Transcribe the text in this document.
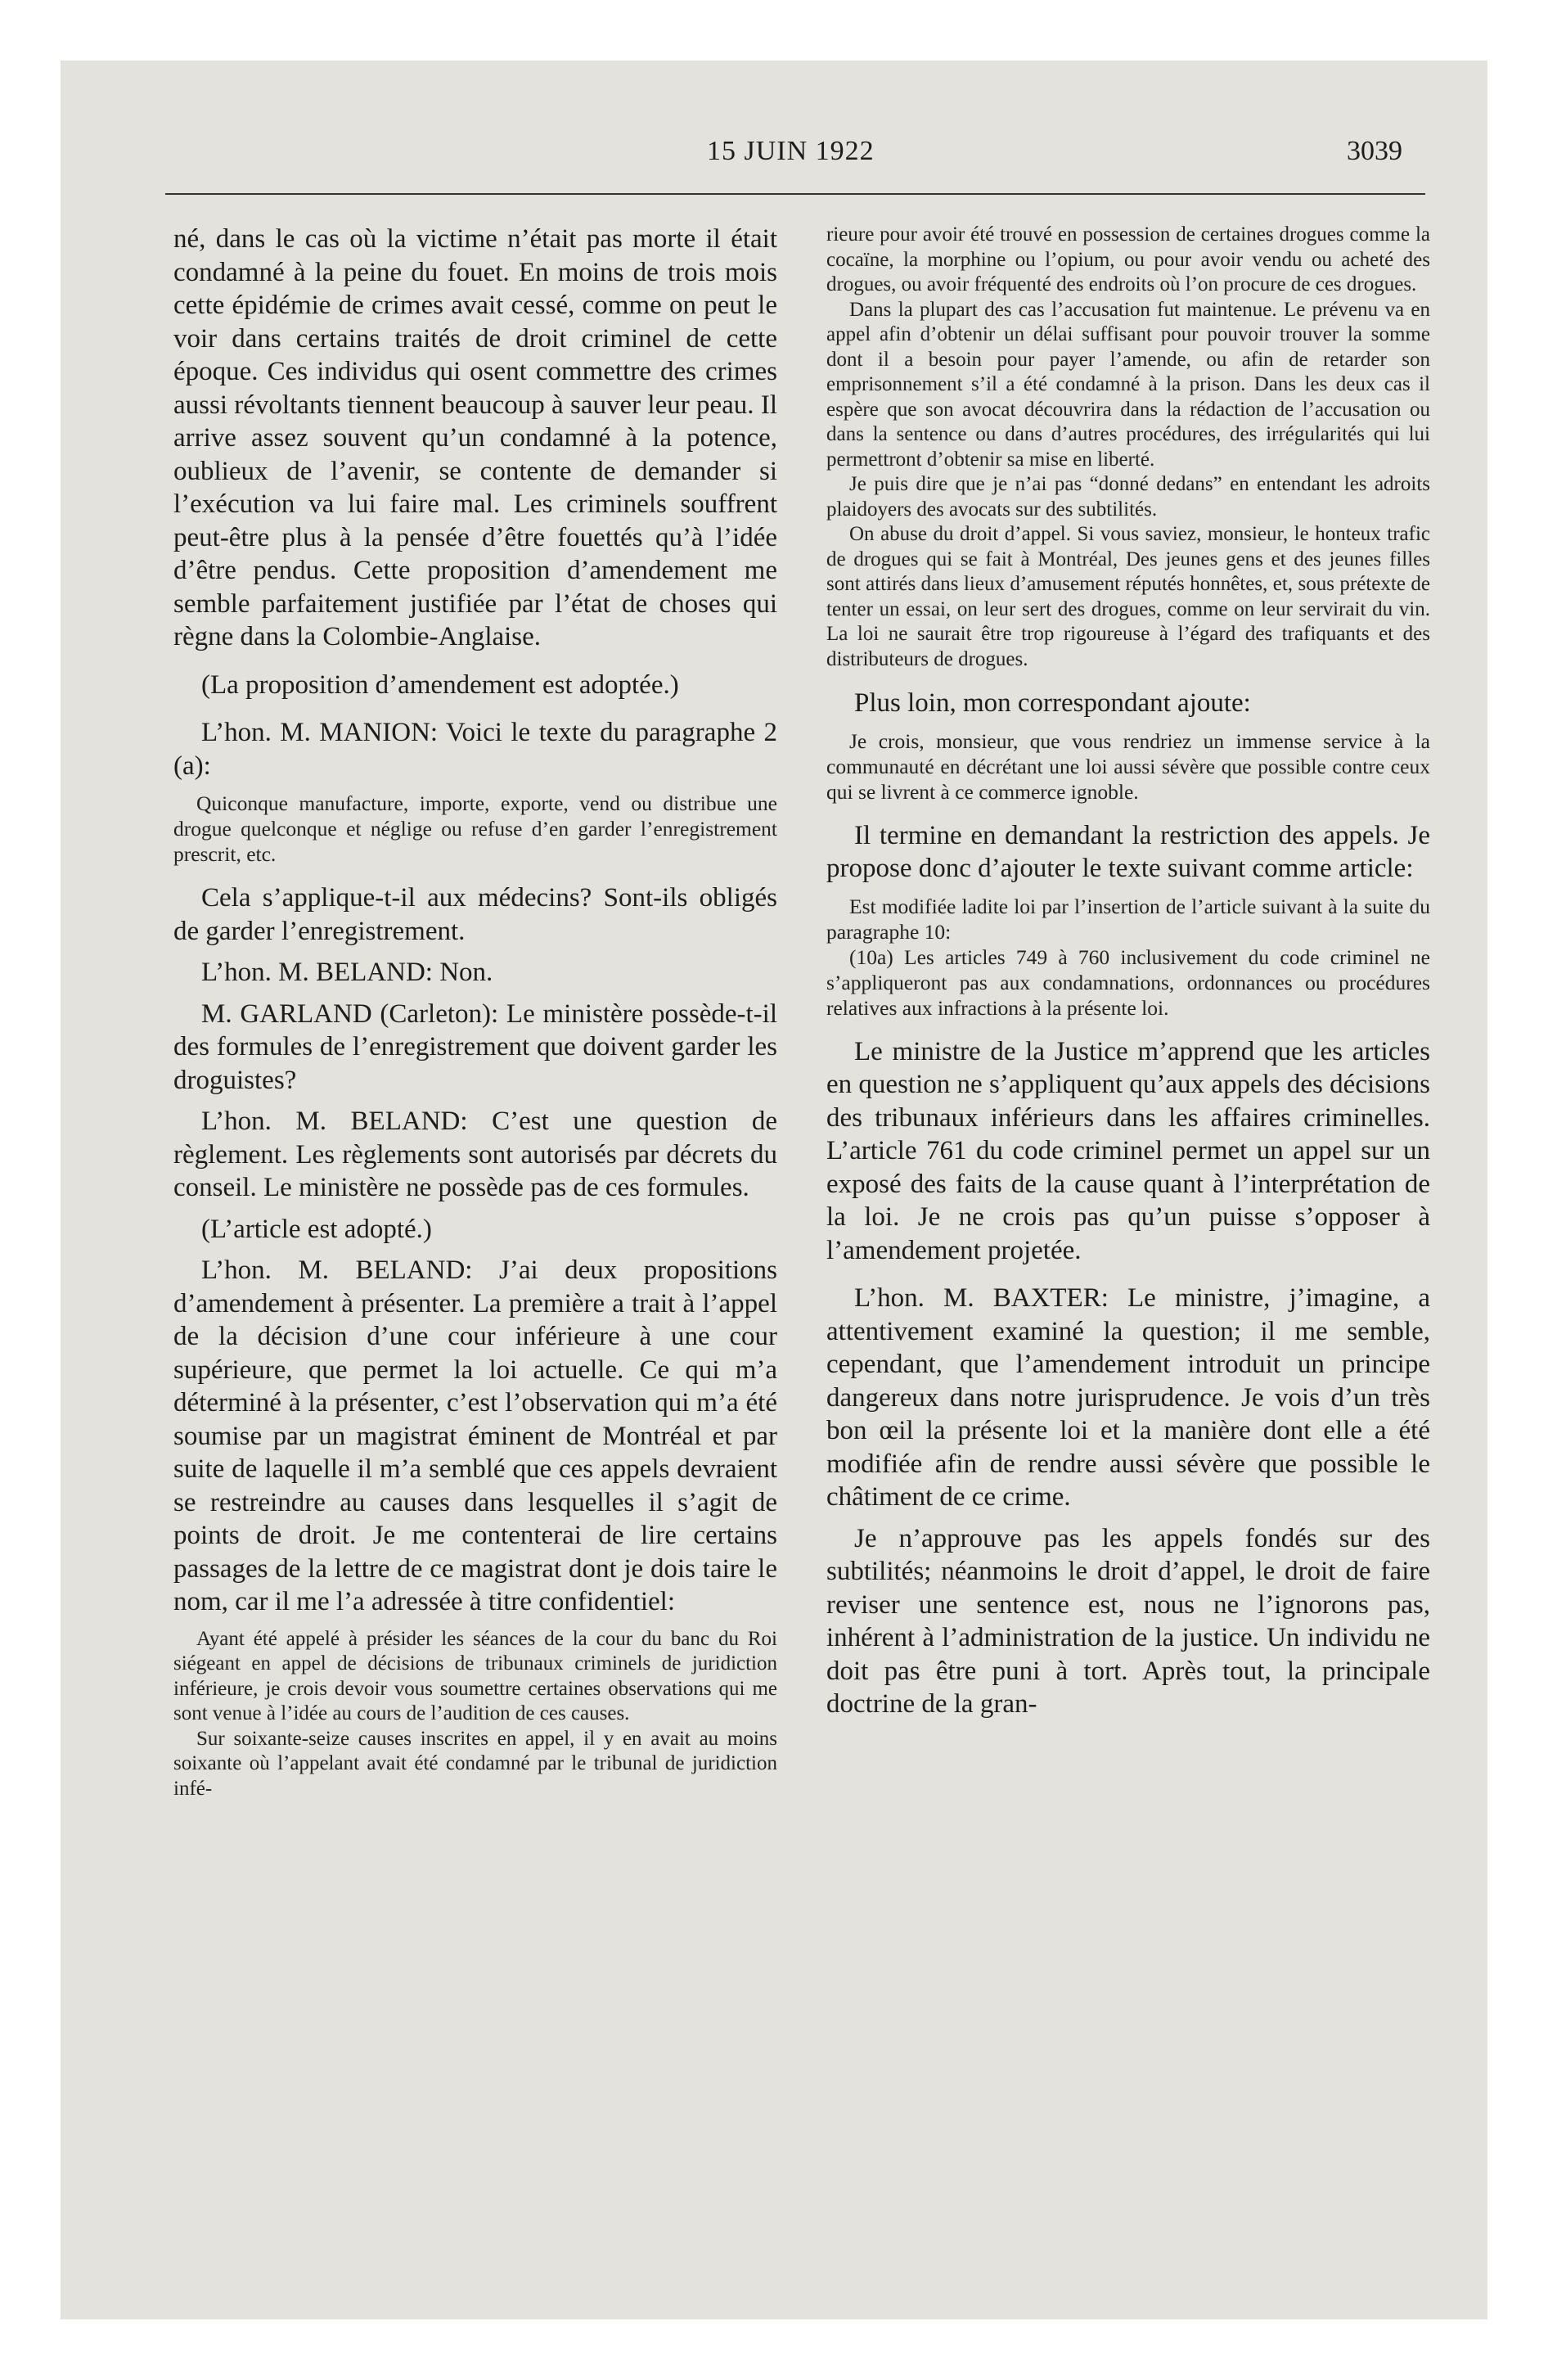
15 JUIN 1922	3039

né, dans le cas où la victime n’était pas morte il était condamné à la peine du fouet. En moins de trois mois cette épidémie de crimes avait cessé, comme on peut le voir dans certains traités de droit criminel de cette époque. Ces individus qui osent commettre des crimes aussi révoltants tiennent beaucoup à sauver leur peau. Il arrive assez souvent qu’un condamné à la potence, oublieux de l’avenir, se contente de demander si l’exécution va lui faire mal. Les criminels souffrent peut-être plus à la pensée d’être fouettés qu’à l’idée d’être pendus. Cette proposition d’amendement me semble parfaitement justifiée par l’état de choses qui règne dans la Colombie-Anglaise.

(La proposition d’amendement est adoptée.)

L’hon. M. MANION: Voici le texte du paragraphe 2 (a):

Quiconque manufacture, importe, exporte, vend ou distribue une drogue quelconque et néglige ou refuse d’en garder l’enregistrement prescrit, etc.

Cela s’applique-t-il aux médecins? Sont-ils obligés de garder l’enregistrement.

L’hon. M. BELAND: Non.

M. GARLAND (Carleton): Le ministère possède-t-il des formules de l’enregistrement que doivent garder les droguistes?

L’hon. M. BELAND: C’est une question de règlement. Les règlements sont autorisés par décrets du conseil. Le ministère ne possède pas de ces formules.

(L’article est adopté.)

L’hon. M. BELAND: J’ai deux propositions d’amendement à présenter. La première a trait à l’appel de la décision d’une cour inférieure à une cour supérieure, que permet la loi actuelle. Ce qui m’a déterminé à la présenter, c’est l’observation qui m’a été soumise par un magistrat éminent de Montréal et par suite de laquelle il m’a semblé que ces appels devraient se restreindre au causes dans lesquelles il s’agit de points de droit. Je me contenterai de lire certains passages de la lettre de ce magistrat dont je dois taire le nom, car il me l’a adressée à titre confidentiel:

Ayant été appelé à présider les séances de la cour du banc du Roi siégeant en appel de décisions de tribunaux criminels de juridiction inférieure, je crois devoir vous soumettre certaines observations qui me sont venue à l’idée au cours de l’audition de ces causes.

Sur soixante-seize causes inscrites en appel, il y en avait au moins soixante où l’appelant avait été condamné par le tribunal de juridiction infé-

rieure pour avoir été trouvé en possession de certaines drogues comme la cocaïne, la morphine ou l’opium, ou pour avoir vendu ou acheté des drogues, ou avoir fréquenté des endroits où l’on procure de ces drogues.

Dans la plupart des cas l’accusation fut maintenue. Le prévenu va en appel afin d’obtenir un délai suffisant pour pouvoir trouver la somme dont il a besoin pour payer l’amende, ou afin de retarder son emprisonnement s’il a été condamné à la prison. Dans les deux cas il espère que son avocat découvrira dans la rédaction de l’accusation ou dans la sentence ou dans d’autres procédures, des irrégularités qui lui permettront d’obtenir sa mise en liberté.

Je puis dire que je n’ai pas “donné dedans” en entendant les adroits plaidoyers des avocats sur des subtilités.

On abuse du droit d’appel. Si vous saviez, monsieur, le honteux trafic de drogues qui se fait à Montréal, Des jeunes gens et des jeunes filles sont attirés dans lieux d’amusement réputés honnêtes, et, sous prétexte de tenter un essai, on leur sert des drogues, comme on leur servirait du vin. La loi ne saurait être trop rigoureuse à l’égard des trafiquants et des distributeurs de drogues.

Plus loin, mon correspondant ajoute:

Je crois, monsieur, que vous rendriez un immense service à la communauté en décrétant une loi aussi sévère que possible contre ceux qui se livrent à ce commerce ignoble.

Il termine en demandant la restriction des appels. Je propose donc d’ajouter le texte suivant comme article:

Est modifiée ladite loi par l’insertion de l’article suivant à la suite du paragraphe 10:

(10a) Les articles 749 à 760 inclusivement du code criminel ne s’appliqueront pas aux condamnations, ordonnances ou procédures relatives aux infractions à la présente loi.

Le ministre de la Justice m’apprend que les articles en question ne s’appliquent qu’aux appels des décisions des tribunaux inférieurs dans les affaires criminelles. L’article 761 du code criminel permet un appel sur un exposé des faits de la cause quant à l’interprétation de la loi. Je ne crois pas qu’un puisse s’opposer à l’amendement projetée.

L’hon. M. BAXTER: Le ministre, j’imagine, a attentivement examiné la question; il me semble, cependant, que l’amendement introduit un principe dangereux dans notre jurisprudence. Je vois d’un très bon œil la présente loi et la manière dont elle a été modifiée afin de rendre aussi sévère que possible le châtiment de ce crime.

Je n’approuve pas les appels fondés sur des subtilités; néanmoins le droit d’appel, le droit de faire reviser une sentence est, nous ne l’ignorons pas, inhérent à l’administration de la justice. Un individu ne doit pas être puni à tort. Après tout, la principale doctrine de la gran-
